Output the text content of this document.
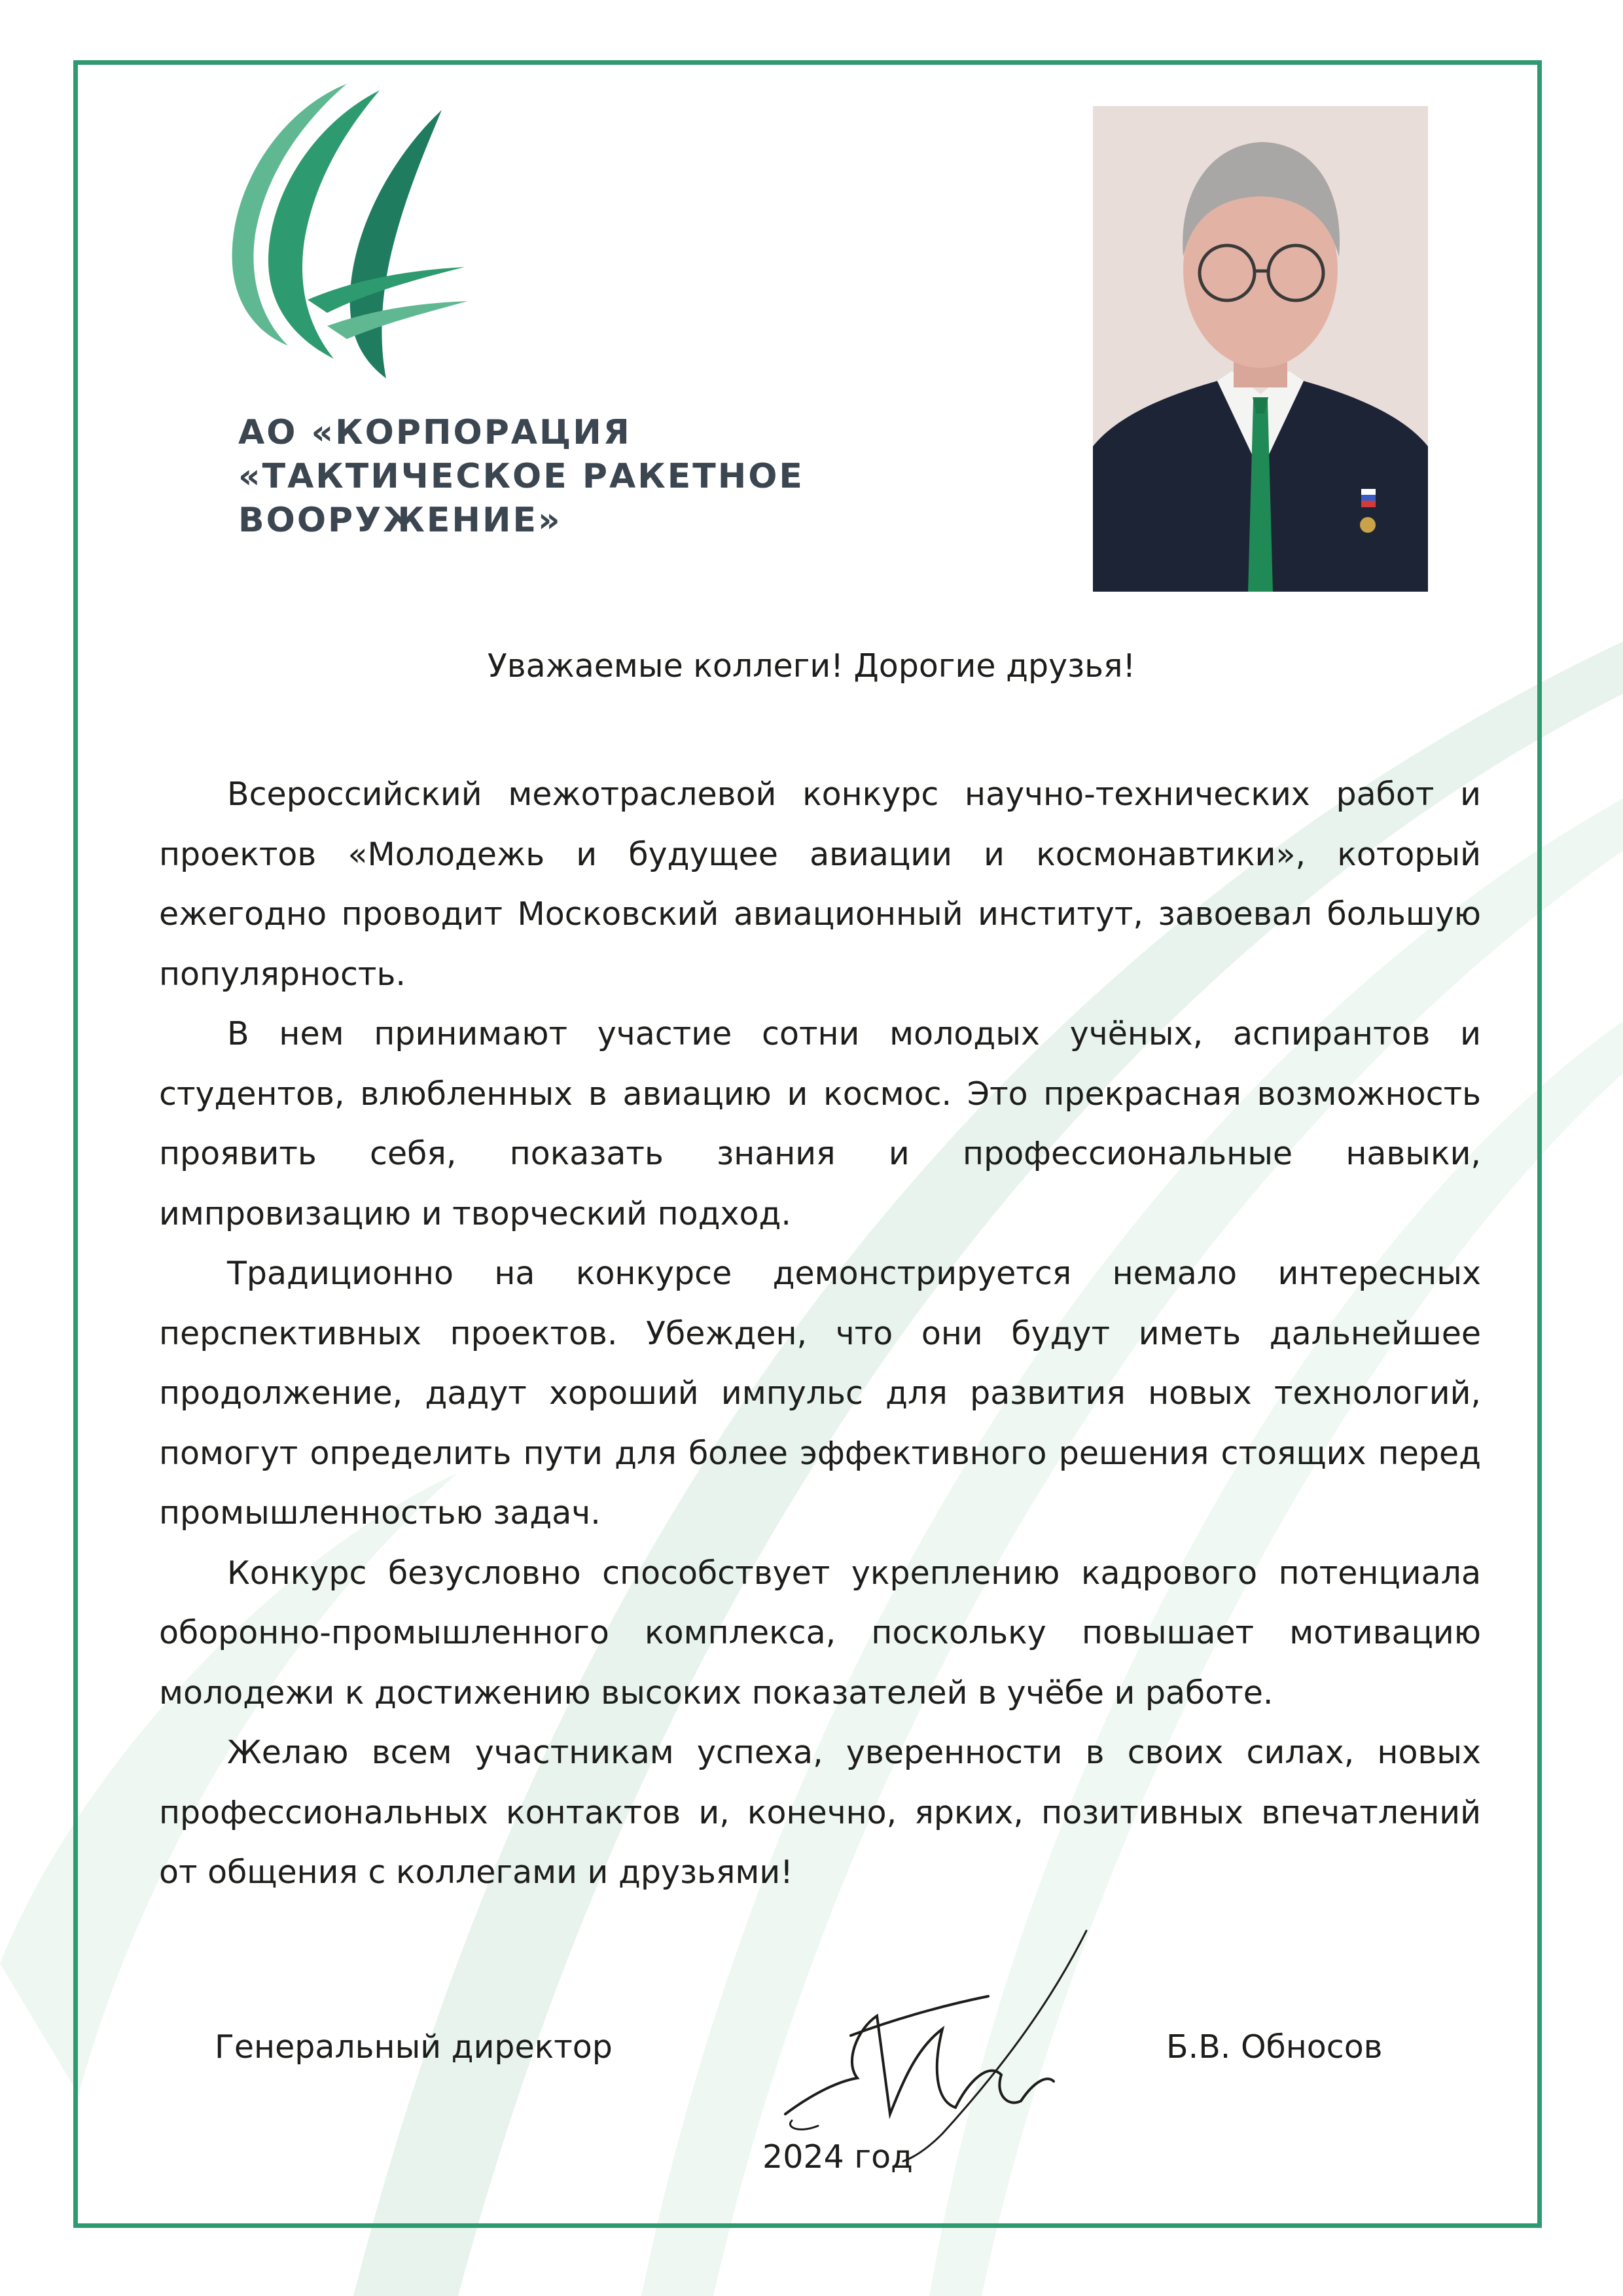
АО «КОРПОРАЦИЯ
«ТАКТИЧЕСКОЕ РАКЕТНОЕ
ВООРУЖЕНИЕ»
Уважаемые коллеги! Дорогие друзья!

Всероссийский межотраслевой конкурс научно-технических работ и проектов «Молодежь и будущее авиации и космонавтики», который ежегодно проводит Московский авиационный институт, завоевал большую популярность.

В нем принимают участие сотни молодых учёных, аспирантов и студентов, влюбленных в авиацию и космос. Это прекрасная возможность проявить себя, показать знания и профессиональные навыки, импровизацию и творческий подход.

Традиционно на конкурсе демонстрируется немало интересных перспективных проектов. Убежден, что они будут иметь дальнейшее продолжение, дадут хороший импульс для развития новых технологий, помогут определить пути для более эффективного решения стоящих перед промышленностью задач.

Конкурс безусловно способствует укреплению кадрового потенциала оборонно-промышленного комплекса, поскольку повышает мотивацию молодежи к достижению высоких показателей в учёбе и работе.

Желаю всем участникам успеха, уверенности в своих силах, новых профессиональных контактов и, конечно, ярких, позитивных впечатлений от общения с коллегами и друзьями!

Генеральный директор	Б.В. Обносов
2024 год
